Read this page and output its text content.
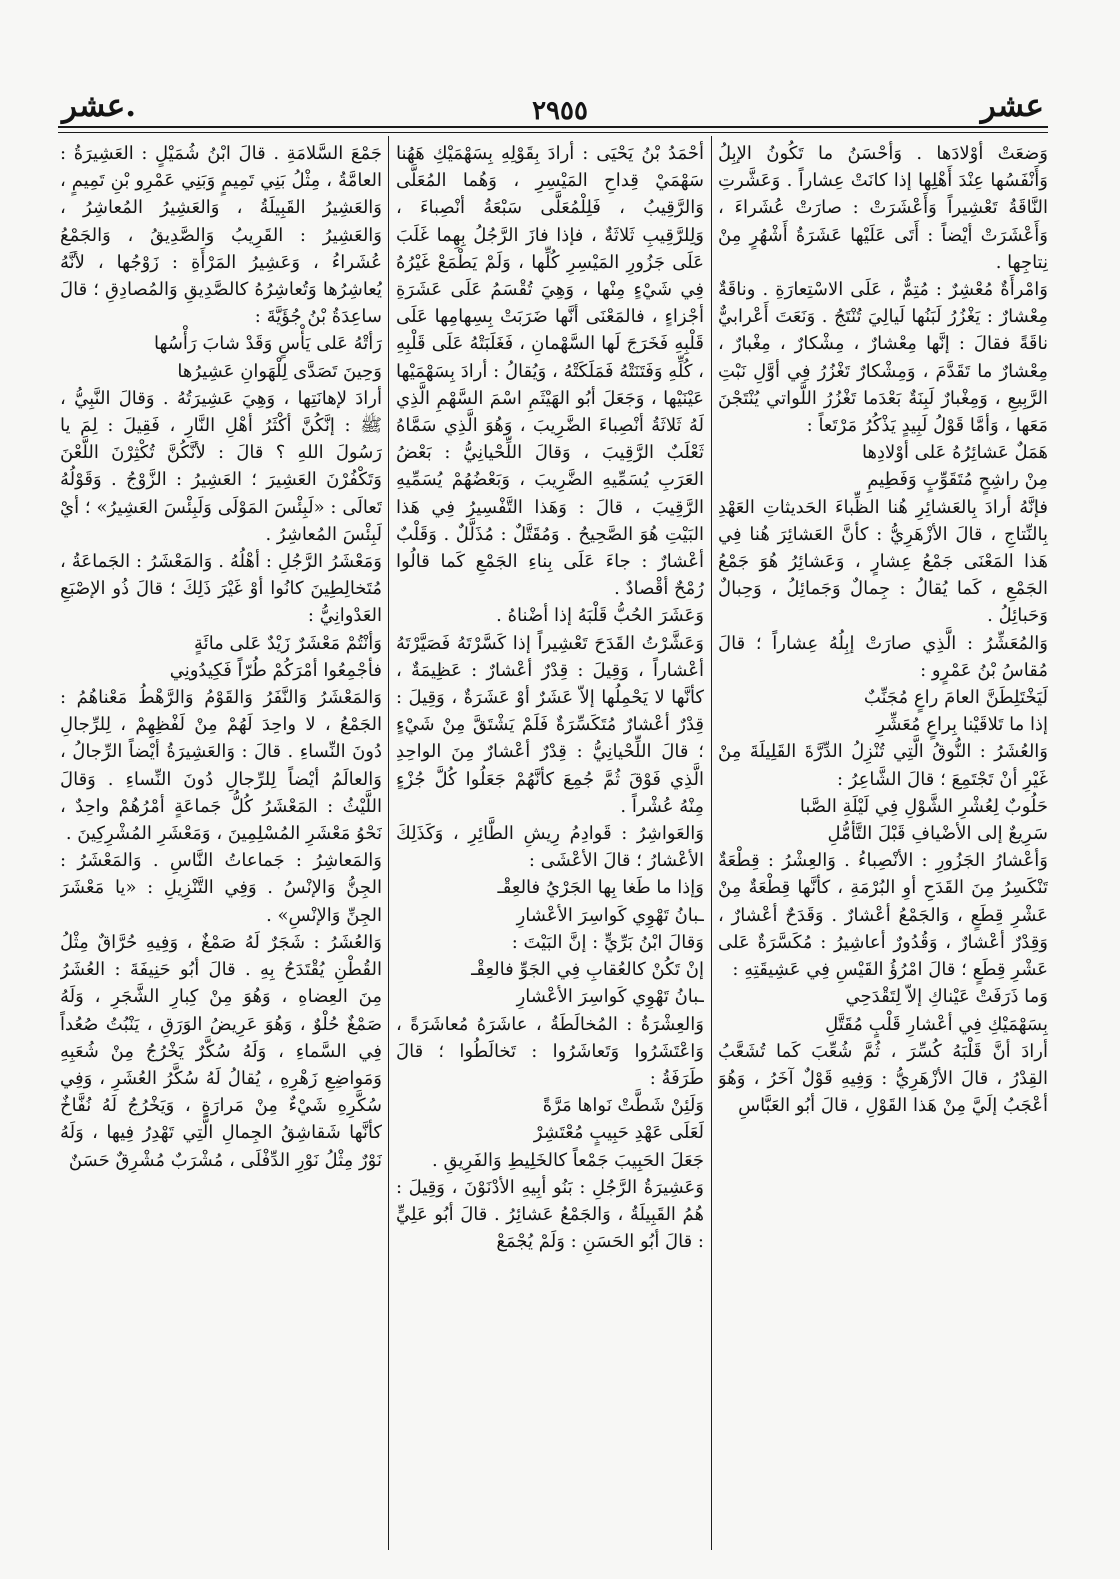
عشر.	٢٩٥٥	عشر

وَضعَتْ أوْلادَها . وَأحْسَنُ ما تَكُونُ الإبِلُ وَأَنْفَسُها عِنْدَ أَهْلِها إذا كانَتْ عِشاراً . وَعَشَّرتِ النَّاقَةُ تَعْشِيراً وَأَعْشَرَتْ : صارَتْ عُشَراءَ ، وَأَعْشَرَتْ أيْضاً : أَتَى عَلَيْها عَشَرَةُ أَشْهُرٍ مِنْ نِتاجِها .
وَامْرأَةٌ مُعْشِرٌ : مُتِمٌّ ، عَلَى الاسْتِعارَةِ . وناقَةٌ مِعْشارٌ : يَغْزُرُ لَبَنُها لَيالِيَ تُنْتَجُ . وَنَعَتَ أَعْرابيٌّ ناقَةً فقالَ : إنَّها مِعْشارٌ ، مِشْكارٌ ، مِغْبارٌ ، مِعْشارٌ ما تَقَدَّمَ ، وَمِشْكارٌ تَغْزُرُ فِي أوَّلِ نَبْتِ الرَّبِيعِ ، وَمِغْبارٌ لَبِنَةٌ بَعْدَما تَغْزُرُ اللَّواتي يُنْتَجْنَ مَعَها ، وَأمَّا قَوْلُ لَبِيدٍ يَذْكُرُ مَرْتَعاً :
هَمَلٌ عَشائِرُهُ عَلى أوْلادِها
مِنْ راشِحٍ مُتَقَوِّبٍ وَفَطِيمِ
فإنَّهُ أرادَ بِالعَشائِرِ هُنا الظِّباءَ الحَديثاتِ العَهْدِ بِالنِّتاجِ ، قالَ الأزْهَرِيُّ : كأنَّ العَشائِرَ هُنا فِي هَذا المَعْنَى جَمْعُ عِشارٍ ، وَعَشائِرُ هُوَ جَمْعُ الجَمْعِ ، كَما يُقالُ : جِمالٌ وَجَمائِلُ ، وَحِبالٌ وَحَبائِلُ .
وَالمُعَشِّرُ : الَّذِي صارَتْ إبِلُهُ عِشاراً ؛ قالَ مُقاسُ بْنُ عَمْرٍو :
لَيَخْتَلِطَنَّ العامَ راعٍ مُجَنِّبٌ
إذا ما تَلاقَيْنا بِراعٍ مُعَشِّرِ
وَالعُشَرُ : النُّوقُ الَّتِي تُنْزِلُ الدِّرَّةَ القَلِيلَةَ مِنْ غَيْرِ أنْ تَجْتَمِعَ ؛ قالَ الشَّاعِرُ :
حَلُوبٌ لِعُشْرِ الشَّوْلِ فِي لَيْلَةِ الصَّبا
سَرِيعٌ إلى الأضْيافِ قَبْلَ التَّأمُّلِ
وَأعْشارُ الجَزُورِ : الأنْصِباءُ . وَالعِشْرُ : قِطْعَةٌ تَنْكَسِرُ مِنَ القَدَحِ أوِ البُرْمَةِ ، كأنَّها قِطْعَةٌ مِنْ عَشْرِ قِطَعٍ ، وَالجَمْعُ أعْشارٌ . وَقَدَحٌ أعْشارٌ ، وَقِدْرٌ أعْشارٌ ، وَقُدُورٌ أعاشِيرُ : مُكَسَّرَةٌ عَلى عَشْرِ قِطَعٍ ؛ قالَ امْرُؤُ القَيْسِ فِي عَشِيقَتِهِ :
وَما ذَرَفَتْ عَيْناكِ إلاّ لِتَقْدَحِي
بِسَهْمَيْكِ فِي أعْشارِ قَلْبٍ مُقَتَّلِ
أرادَ أنَّ قَلْبَهُ كُسِّرَ ، ثُمَّ شُعِّبَ كَما تُشَعَّبُ القِدْرُ ، قالَ الأزْهَرِيُّ : وَفِيهِ قَوْلٌ آخَرُ ، وَهُوَ أعْجَبُ إلَيَّ مِنْ هَذا القَوْلِ ، قالَ أبُو العَبَّاسِ

أحْمَدُ بْنُ يَحْيَى : أرادَ بِقَوْلِهِ بِسَهْمَيْكِ هَهُنا سَهْمَيْ قِداحِ المَيْسِرِ ، وَهُما المُعَلَّى وَالرَّقِيبُ ، فَلِلْمُعَلَّى سَبْعَةُ أنْصِباءَ ، وَلِلرَّقِيبِ ثَلاثَةٌ ، فإذا فازَ الرَّجُلُ بِهِما غَلَبَ عَلَى جَزُورِ المَيْسِرِ كُلِّها ، وَلَمْ يَطْمَعْ غَيْرُهُ فِي شَيْءٍ مِنْها ، وَهِيَ تُقْسَمُ عَلَى عَشَرَةِ أجْزاءٍ ، فالمَعْنَى أنَّها ضَرَبَتْ بِسِهامِها عَلَى قَلْبِهِ فَخَرَجَ لَها السَّهْمانِ ، فَغَلَبَتْهُ عَلَى قَلْبِهِ ، كُلِّهِ وَفَتَنَتْهُ فَمَلَكَتْهُ ، وَيُقالُ : أرادَ بِسَهْمَيْها عَيْنَيْها ، وَجَعَلَ أبُو الهَيْثَمِ اسْمَ السَّهْمِ الَّذِي لَهُ ثَلاثَةُ أنْصِباءَ الضَّرِيبَ ، وَهُوَ الَّذِي سَمَّاهُ ثَعْلَبٌ الرَّقِيبَ ، وَقالَ اللِّحْيانِيُّ : بَعْضُ العَرَبِ يُسَمِّيهِ الضَّرِيبَ ، وَبَعْضُهُمْ يُسَمِّيهِ الرَّقِيبَ ، قالَ : وَهَذا التَّفْسِيرُ فِي هَذا البَيْتِ هُوَ الصَّحِيحُ . وَمُقَتَّلٌ : مُذَلَّلٌ . وَقَلْبٌ أعْشارٌ : جاءَ عَلَى بِناءِ الجَمْعِ كَما قالُوا رُمْحٌ أقْصادٌ .
وَعَشَرَ الحُبُّ قَلْبَهُ إذا أضْناهُ .
وَعَشَّرْتُ القَدَحَ تَعْشِيراً إذا كَسَّرْتَهُ فَصَيَّرْتَهُ أعْشاراً ، وَقِيلَ : قِدْرٌ أعْشارٌ : عَظِيمَةٌ ، كأنَّها لا يَحْمِلُها إلاّ عَشَرٌ أوْ عَشَرَةٌ ، وَقِيلَ : قِدْرٌ أعْشارٌ مُتَكَسِّرَةٌ فَلَمْ يَشْتَقَّ مِنْ شَيْءٍ ؛ قالَ اللِّحْيانِيُّ : قِدْرٌ أعْشارٌ مِنَ الواحِدِ الَّذِي فَوْقَ ثُمَّ جُمِعَ كأنَّهُمْ جَعَلُوا كُلَّ جُزْءٍ مِنْهُ عُشْراً .
وَالعَواشِرُ : قَوادِمُ رِيشِ الطَّائِرِ ، وَكَذَلِكَ الأعْشارُ ؛ قالَ الأعْشَى :
وَإذا ما طَغا بِها الجَرْيُ فالعِقْـ
ـبانُ تَهْوِي كَواسِرَ الأعْشارِ
وَقالَ ابْنُ بَرِّيٍّ : إنَّ البَيْتَ :
إنْ تَكُنْ كالعُقابِ فِي الجَوِّ فالعِقْـ
ـبانُ تَهْوِي كَواسِرَ الأعْشارِ
وَالعِشْرَةُ : المُخالَطَةُ ، عاشَرَهُ مُعاشَرَةً ، وَاعْتَشَرُوا وَتَعاشَرُوا : تَخالَطُوا ؛ قالَ طَرَفَةُ :
وَلَئِنْ شَطَّتْ نَواها مَرَّةً
لَعَلَى عَهْدِ حَبِيبٍ مُعْتَشِرْ
جَعَلَ الحَبِيبَ جَمْعاً كالخَلِيطِ وَالفَرِيقِ .
وَعَشِيرَةُ الرَّجُلِ : بَنُو أبِيهِ الأدْنَوْنَ ، وَقِيلَ : هُمُ القَبِيلَةُ ، وَالجَمْعُ عَشائِرُ . قالَ أبُو عَلِيٍّ : قالَ أبُو الحَسَنِ : وَلَمْ يُجْمَعْ

جَمْعَ السَّلامَةِ . قالَ ابْنُ شُمَيْلٍ : العَشِيرَةُ : العامَّةُ ، مِثْلُ بَنِي تَمِيمٍ وَبَنِي عَمْرِو بْنِ تَمِيمٍ ، وَالعَشِيرُ القَبِيلَةُ ، وَالعَشِيرُ المُعاشِرُ ، وَالعَشِيرُ : القَرِيبُ وَالصَّدِيقُ ، وَالجَمْعُ عُشَراءُ ، وَعَشِيرُ المَرْأَةِ : زَوْجُها ، لأنَّهُ يُعاشِرُها وَتُعاشِرُهُ كالصَّدِيقِ وَالمُصادِقِ ؛ قالَ ساعِدَةُ بْنُ جُؤَيَّةَ :
رَأتْهُ عَلى يَأْسٍ وَقَدْ شابَ رَأْسُها
وَحِينَ تَصَدَّى لِلْهَوانِ عَشِيرُها
أرادَ لإهانَتِها ، وَهِيَ عَشِيرَتُهُ . وَقالَ النَّبِيُّ ، ﷺ : إنَّكُنَّ أكْثَرُ أهْلِ النَّارِ ، فَقِيلَ : لِمَ يا رَسُولَ اللهِ ؟ قالَ : لأنَّكُنَّ تُكْثِرْنَ اللَّعْنَ وَتَكْفُرْنَ العَشِيرَ ؛ العَشِيرُ : الزَّوْجُ . وَقَوْلُهُ تَعالَى : «لَبِئْسَ المَوْلَى وَلَبِئْسَ العَشِيرُ» ؛ أيْ لَبِئْسَ المُعاشِرُ .
وَمَعْشَرُ الرَّجُلِ : أهْلُهُ . وَالمَعْشَرُ : الجَماعَةُ ، مُتَخالِطِينَ كانُوا أوْ غَيْرَ ذَلِكَ ؛ قالَ ذُو الإصْبَعِ العَدْوانِيُّ :
وَأنْتُمْ مَعْشَرٌ زَيْدٌ عَلى مائَةٍ
فأجْمِعُوا أمْرَكُمْ طُرّاً فَكِيدُونِي
وَالمَعْشَرُ وَالنَّفَرُ وَالقَوْمُ وَالرَّهْطُ مَعْناهُمُ : الجَمْعُ ، لا واحِدَ لَهُمْ مِنْ لَفْظِهِمْ ، لِلرِّجالِ دُونَ النِّساءِ . قالَ : وَالعَشِيرَةُ أيْضاً الرِّجالُ ، وَالعالَمُ أيْضاً لِلرِّجالِ دُونَ النِّساءِ . وَقالَ اللَّيْثُ : المَعْشَرُ كُلُّ جَماعَةٍ أمْرُهُمْ واحِدٌ ، نَحْوُ مَعْشَرِ المُسْلِمِينَ ، وَمَعْشَرِ المُشْرِكِينَ .
وَالمَعاشِرُ : جَماعاتُ النَّاسِ . وَالمَعْشَرُ : الجِنُّ وَالإنْسُ . وَفِي التَّنْزِيلِ : «يا مَعْشَرَ الجِنِّ وَالإنْسِ» .
وَالعُشَرُ : شَجَرٌ لَهُ صَمْغٌ ، وَفِيهِ حُرَّاقٌ مِثْلُ القُطْنِ يُقْتَدَحُ بِهِ . قالَ أبُو حَنِيفَةَ : العُشَرُ مِنَ العِضاهِ ، وَهُوَ مِنْ كِبارِ الشَّجَرِ ، وَلَهُ صَمْغٌ حُلْوٌ ، وَهُوَ عَرِيضُ الوَرَقِ ، يَنْبُتُ صُعُداً فِي السَّماءِ ، وَلَهُ سُكَّرٌ يَخْرُجُ مِنْ شُعَبِهِ وَمَواضِعِ زَهْرِهِ ، يُقالُ لَهُ سُكَّرُ العُشَرِ ، وَفِي سُكَّرِهِ شَيْءٌ مِنْ مَرارَةٍ ، وَيَخْرُجُ لَهُ نُفَّاخٌ كأنَّها شَقاشِقُ الجِمالِ الَّتِي تَهْدِرُ فِيها ، وَلَهُ نَوْرٌ مِثْلُ نَوْرِ الدِّفْلَى ، مُشْرَبٌ مُشْرِقٌ حَسَنٌ
